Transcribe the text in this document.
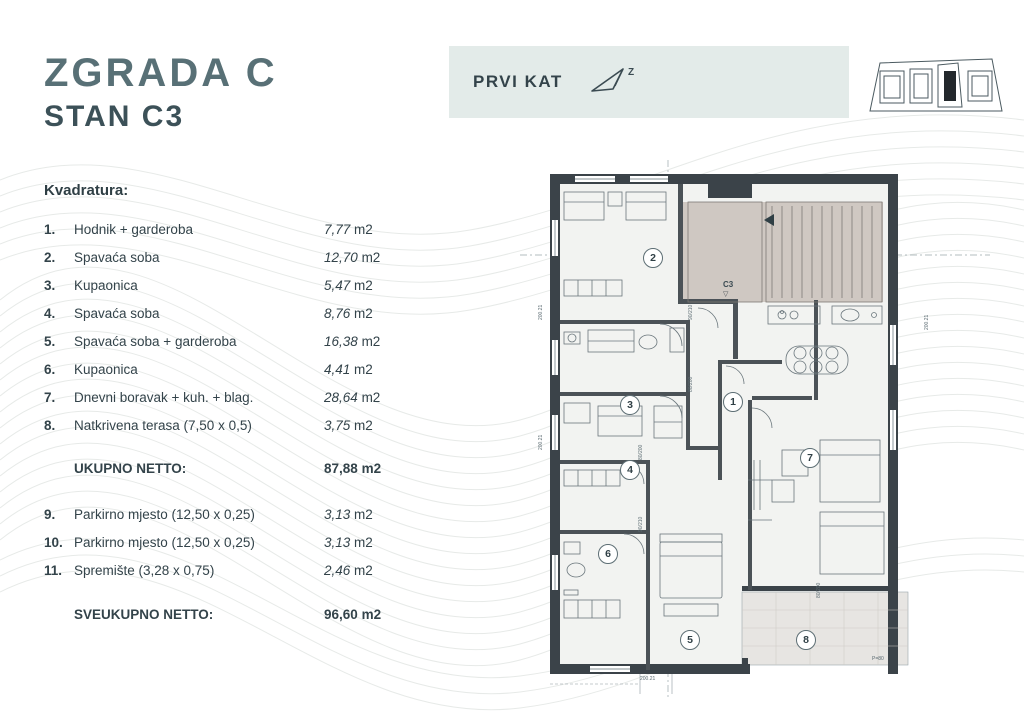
ZGRADA C
STAN C3
Kvadratura:
1.	Hodnik + garderoba	7,77 m2
2.	Spavaća soba	12,70 m2
3.	Kupaonica	5,47 m2
4.	Spavaća soba	8,76 m2
5.	Spavaća soba + garderoba	16,38 m2
6.	Kupaonica	4,41 m2
7.	Dnevni boravak + kuh. + blag.	28,64 m2
8.	Natkrivena terasa (7,50 x 0,5)	3,75 m2
	UKUPNO NETTO:	87,88 m2

9.	Parkirno mjesto (12,50 x 0,25)	3,13 m2
10.	Parkirno mjesto (12,50 x 0,25)	3,13 m2
11.	Spremište (3,28 x 0,75)	2,46 m2
	SVEUKUPNO NETTO:	96,60 m2
PRVI KAT	Z
1
2
3
4
5
6
7
8
C3
▽
200.21
200.21
90/210
80/200
80/200
90/210
200.21
80/200
200.21
P=80
